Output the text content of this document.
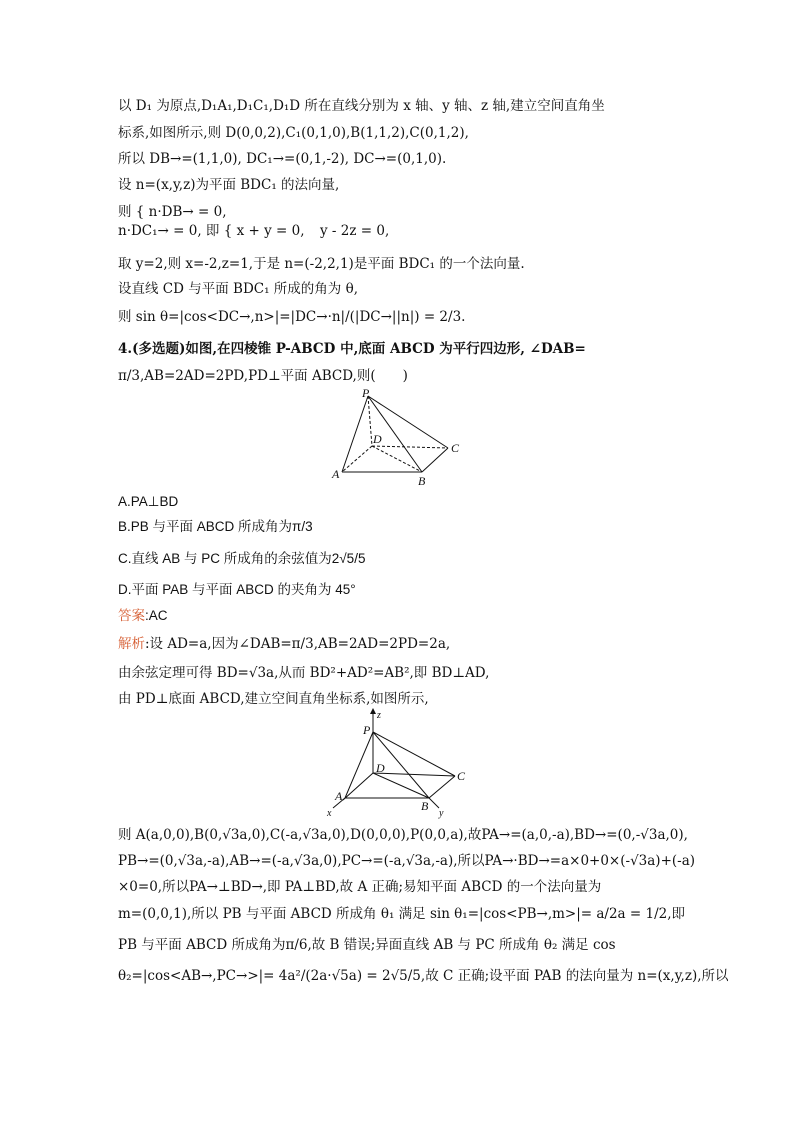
以 D₁ 为原点,D₁A₁,D₁C₁,D₁D 所在直线分别为 x 轴、y 轴、z 轴,建立空间直角坐
标系,如图所示,则 D(0,0,2),C₁(0,1,0),B(1,1,2),C(0,1,2),
所以 DB→=(1,1,0), DC₁→=(0,1,-2), DC→=(0,1,0).
设 n=(x,y,z)为平面 BDC₁ 的法向量,
则 { n·DB→ = 0,
n·DC₁→ = 0, 即 { x + y = 0, y - 2z = 0,
取 y=2,则 x=-2,z=1,于是 n=(-2,2,1)是平面 BDC₁ 的一个法向量.
设直线 CD 与平面 BDC₁ 所成的角为 θ,
则 sin θ=|cos<DC→,n>|=|DC→·n|/(|DC→||n|) = 2/3.
4.(多选题)如图,在四棱锥 P-ABCD 中,底面 ABCD 为平行四边形, ∠DAB=
π/3,AB=2AD=2PD,PD⊥平面 ABCD,则(　　)
P
D
C
A	B
A.PA⊥BD
B.PB 与平面 ABCD 所成角为π/3
C.直线 AB 与 PC 所成角的余弦值为2√5/5
D.平面 PAB 与平面 ABCD 的夹角为 45°
答案:AC
解析:设 AD=a,因为∠DAB=π/3,AB=2AD=2PD=2a,
由余弦定理可得 BD=√3a,从而 BD²+AD²=AB²,即 BD⊥AD,
由 PD⊥底面 ABCD,建立空间直角坐标系,如图所示,
z
P
D
C
A
B
x	y
则 A(a,0,0),B(0,√3a,0),C(-a,√3a,0),D(0,0,0),P(0,0,a),故PA→=(a,0,-a),BD→=(0,-√3a,0),
PB→=(0,√3a,-a),AB→=(-a,√3a,0),PC→=(-a,√3a,-a),所以PA→·BD→=a×0+0×(-√3a)+(-a)
×0=0,所以PA→⊥BD→,即 PA⊥BD,故 A 正确;易知平面 ABCD 的一个法向量为
m=(0,0,1),所以 PB 与平面 ABCD 所成角 θ₁ 满足 sin θ₁=|cos<PB→,m>|= a/2a = 1/2,即
PB 与平面 ABCD 所成角为π/6,故 B 错误;异面直线 AB 与 PC 所成角 θ₂ 满足 cos
θ₂=|cos<AB→,PC→>|= 4a²/(2a·√5a) = 2√5/5,故 C 正确;设平面 PAB 的法向量为 n=(x,y,z),所以
